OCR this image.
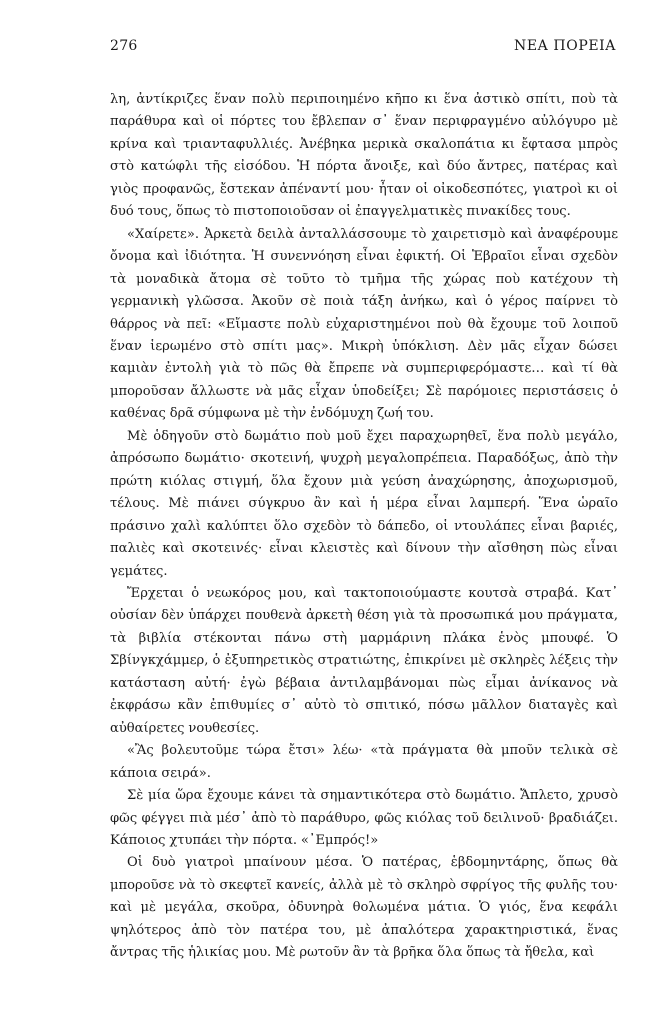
276	ΝΕΑ ΠΟΡΕΙΑ

λη, ἀντίκριζες ἕναν πολὺ περιποιημένο κῆπο κι ἕνα ἀστικὸ σπίτι, ποὺ τὰ παράθυρα καὶ οἱ πόρτες του ἔβλεπαν σ᾽ ἕναν περιφραγμένο αὐλόγυρο μὲ κρίνα καὶ τριανταφυλλιές. Ἀνέβηκα μερικὰ σκαλοπάτια κι ἔφτασα μπρὸς στὸ κατώφλι τῆς εἰσόδου. Ἡ πόρτα ἄνοιξε, καὶ δύο ἄντρες, πατέρας καὶ γιὸς προφανῶς, ἔστεκαν ἀπέναντί μου· ἦταν οἱ οἰκοδεσπότες, γιατροὶ κι οἱ δυό τους, ὅπως τὸ πιστοποιοῦσαν οἱ ἐπαγγελματικὲς πινακίδες τους.

«Χαίρετε». Ἀρκετὰ δειλὰ ἀνταλλάσσουμε τὸ χαιρετισμὸ καὶ ἀναφέρουμε ὄνομα καὶ ἰδιότητα. Ἡ συνεννόηση εἶναι ἐφικτή. Οἱ Ἑβραῖοι εἶναι σχεδὸν τὰ μοναδικὰ ἄτομα σὲ τοῦτο τὸ τμῆμα τῆς χώρας ποὺ κατέχουν τὴ γερμανικὴ γλῶσσα. Ἀκοῦν σὲ ποιὰ τάξη ἀνήκω, καὶ ὁ γέρος παίρνει τὸ θάρρος νὰ πεῖ: «Εἴμαστε πολὺ εὐχαριστημένοι ποὺ θὰ ἔχουμε τοῦ λοιποῦ ἕναν ἱερωμένο στὸ σπίτι μας». Μικρὴ ὑπόκλιση. Δὲν μᾶς εἶχαν δώσει καμιὰν ἐντολὴ γιὰ τὸ πῶς θὰ ἔπρεπε νὰ συμπεριφερόμαστε… καὶ τί θὰ μποροῦσαν ἄλλωστε νὰ μᾶς εἶχαν ὑποδείξει; Σὲ παρόμοιες περιστάσεις ὁ καθένας δρᾶ σύμφωνα μὲ τὴν ἐνδόμυχη ζωή του.

Μὲ ὁδηγοῦν στὸ δωμάτιο ποὺ μοῦ ἔχει παραχωρηθεῖ, ἕνα πολὺ μεγάλο, ἀπρόσωπο δωμάτιο· σκοτεινή, ψυχρὴ μεγαλοπρέπεια. Παραδόξως, ἀπὸ τὴν πρώτη κιόλας στιγμή, ὅλα ἔχουν μιὰ γεύση ἀναχώρησης, ἀποχωρισμοῦ, τέλους. Μὲ πιάνει σύγκρυο ἂν καὶ ἡ μέρα εἶναι λαμπερή. Ἕνα ὡραῖο πράσινο χαλὶ καλύπτει ὅλο σχεδὸν τὸ δάπεδο, οἱ ντουλάπες εἶναι βαριές, παλιὲς καὶ σκοτεινές· εἶναι κλειστὲς καὶ δίνουν τὴν αἴσθηση πὼς εἶναι γεμάτες.

Ἔρχεται ὁ νεωκόρος μου, καὶ τακτοποιούμαστε κουτσὰ στραβά. Κατ᾽ οὐσίαν δὲν ὑπάρχει πουθενὰ ἀρκετὴ θέση γιὰ τὰ προσωπικά μου πράγματα, τὰ βιβλία στέκονται πάνω στὴ μαρμάρινη πλάκα ἑνὸς μπουφέ. Ὁ Σβίνγκχάμμερ, ὁ ἐξυπηρετικὸς στρατιώτης, ἐπικρίνει μὲ σκληρὲς λέξεις τὴν κατάσταση αὐτή· ἐγὼ βέβαια ἀντιλαμβάνομαι πὼς εἶμαι ἀνίκανος νὰ ἐκφράσω κἂν ἐπιθυμίες σ᾽ αὐτὸ τὸ σπιτικό, πόσω μᾶλλον διαταγὲς καὶ αὐθαίρετες νουθεσίες.

«Ἂς βολευτοῦμε τώρα ἔτσι» λέω· «τὰ πράγματα θὰ μποῦν τελικὰ σὲ κάποια σειρά».

Σὲ μία ὥρα ἔχουμε κάνει τὰ σημαντικότερα στὸ δωμάτιο. Ἄπλετο, χρυσὸ φῶς φέγγει πιὰ μέσ᾽ ἀπὸ τὸ παράθυρο, φῶς κιόλας τοῦ δειλινοῦ· βραδιάζει. Κάποιος χτυπάει τὴν πόρτα. «᾽Εμπρός!»

Οἱ δυὸ γιατροὶ μπαίνουν μέσα. Ὁ πατέρας, ἑβδομηντάρης, ὅπως θὰ μποροῦσε νὰ τὸ σκεφτεῖ κανείς, ἀλλὰ μὲ τὸ σκληρὸ σφρίγος τῆς φυλῆς του· καὶ μὲ μεγάλα, σκοῦρα, ὀδυνηρὰ θολωμένα μάτια. Ὁ γιός, ἕνα κεφάλι ψηλότερος ἀπὸ τὸν πατέρα του, μὲ ἀπαλότερα χαρακτηριστικά, ἕνας ἄντρας τῆς ἡλικίας μου. Μὲ ρωτοῦν ἂν τὰ βρῆκα ὅλα ὅπως τὰ ἤθελα, καὶ
